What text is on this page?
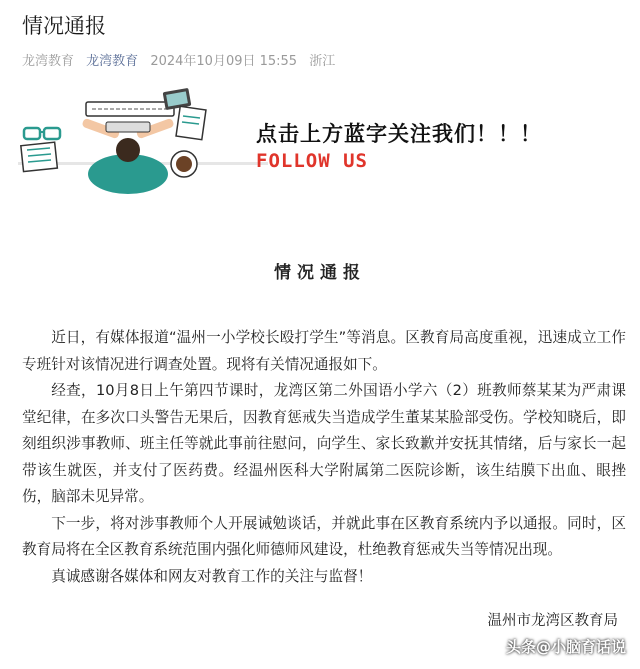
情况通报
龙湾教育 龙湾教育 2024年10月09日 15:55 浙江
点击上方蓝字关注我们！！！
FOLLOW US
情况通报

近日，有媒体报道“温州一小学校长殴打学生”等消息。区教育局高度重视，迅速成立工作专班针对该情况进行调查处置。现将有关情况通报如下。

经查，10月8日上午第四节课时，龙湾区第二外国语小学六（2）班教师蔡某某为严肃课堂纪律，在多次口头警告无果后，因教育惩戒失当造成学生董某某脸部受伤。学校知晓后，即刻组织涉事教师、班主任等就此事前往慰问，向学生、家长致歉并安抚其情绪，后与家长一起带该生就医，并支付了医药费。经温州医科大学附属第二医院诊断，该生结膜下出血、眼挫伤，脑部未见异常。

下一步，将对涉事教师个人开展诫勉谈话，并就此事在区教育系统内予以通报。同时，区教育局将在全区教育系统范围内强化师德师风建设，杜绝教育惩戒失当等情况出现。

真诚感谢各媒体和网友对教育工作的关注与监督！

温州市龙湾区教育局
头条@小脑育话说
